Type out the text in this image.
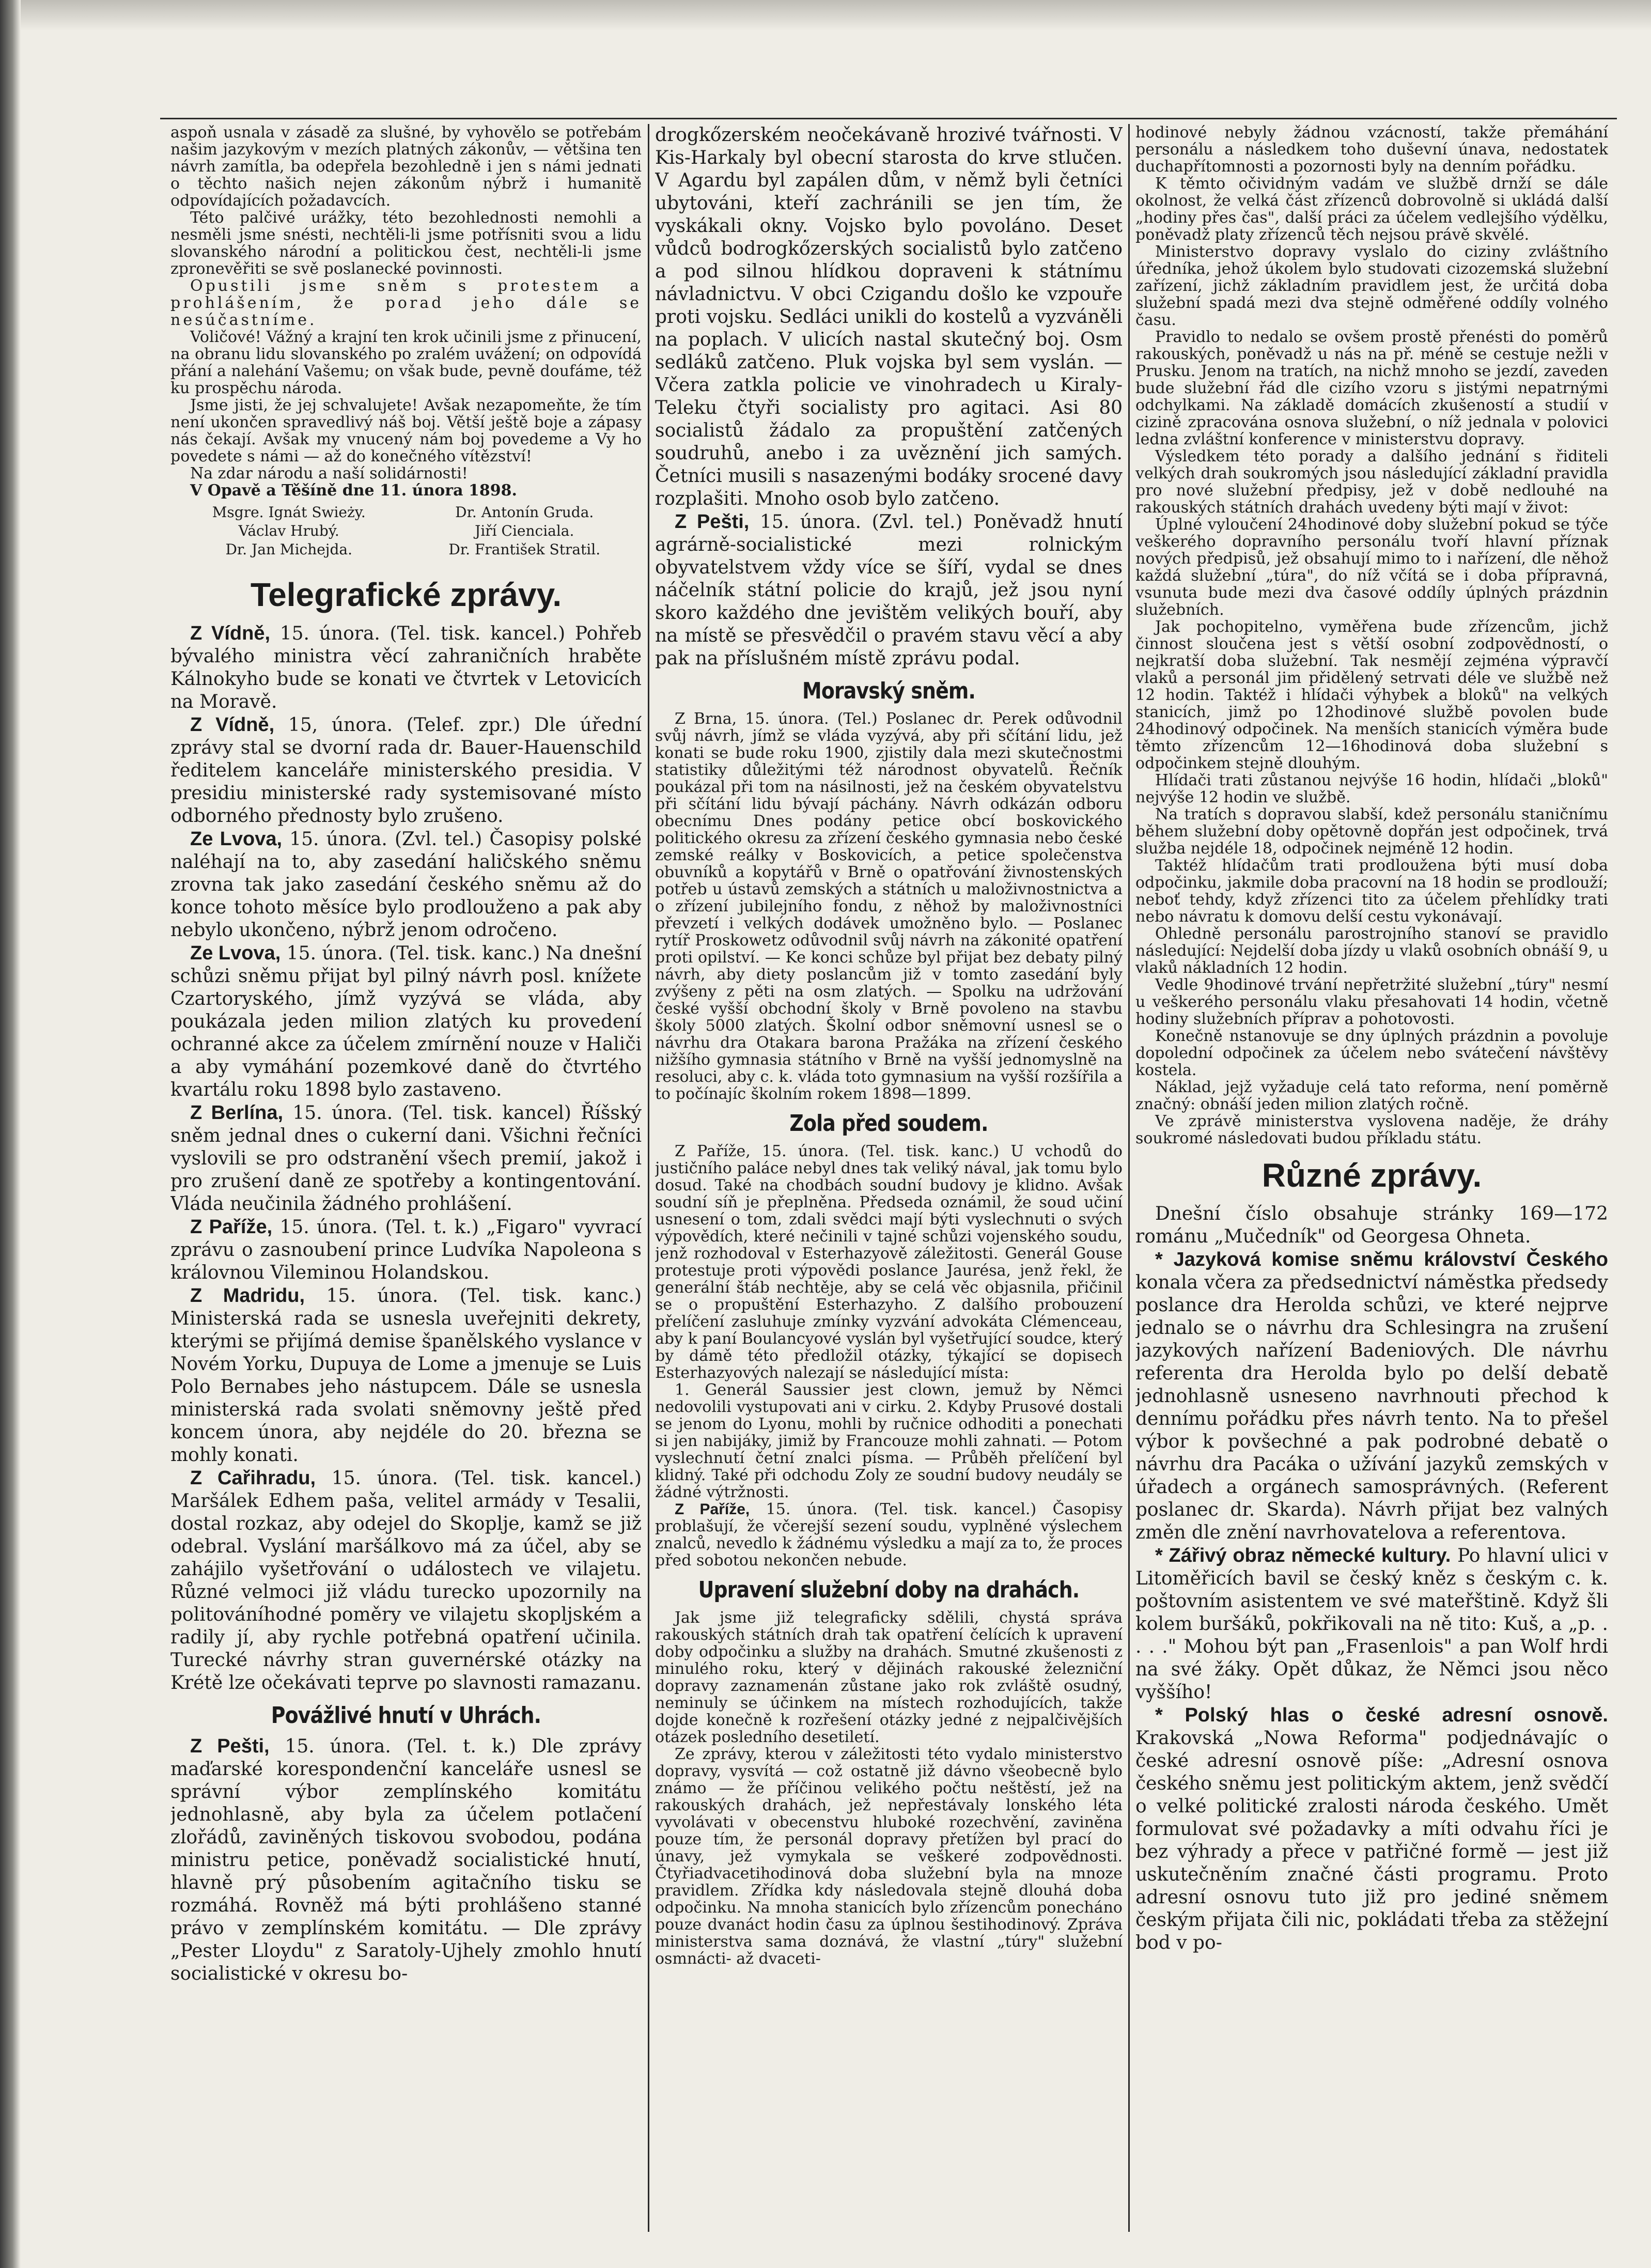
aspoň usnala v zásadě za slušné, by vyhovělo se potřebám našim jazykovým v mezích platných zákonův, — většina ten návrh zamítla, ba odepřela bezohledně i jen s námi jednati o těchto našich nejen zákonům nýbrž i humanitě odpovídajících požadavcích.

Této palčivé urážky, této bezohlednosti nemohli a nesměli jsme snésti, nechtěli-li jsme potřísniti svou a lidu slovanského národní a politickou čest, nechtěli-li jsme zpronevěřiti se svě poslanecké povinnosti.

Opustili jsme sněm s protestem a prohlášením, že porad jeho dále se nesúčastníme.

Voličové! Vážný a krajní ten krok učinili jsme z přinucení, na obranu lidu slovanského po zralém uvážení; on odpovídá přání a nalehání Vašemu; on však bude, pevně doufáme, též ku prospěchu národa.

Jsme jisti, že jej schvalujete! Avšak nezapomeňte, že tím není ukončen spravedlivý náš boj. Větší ještě boje a zápasy nás čekají. Avšak my vnucený nám boj povedeme a Vy ho povedete s námi — až do konečného vítězství!

Na zdar národu a naší solidárnosti!

V Opavě a Těšíně dne 11. února 1898.

Msgre. Ignát Swieży.	Dr. Antonín Gruda.
Václav Hrubý.	Jiří Cienciala.
Dr. Jan Michejda.	Dr. František Stratil.
Telegrafické zprávy.

Z Vídně, 15. února. (Tel. tisk. kancel.) Pohřeb bývalého ministra věcí zahraničních hraběte Kálnokyho bude se konati ve čtvrtek v Letovicích na Moravě.

Z Vídně, 15, února. (Telef. zpr.) Dle úřední zprávy stal se dvorní rada dr. Bauer-Hauenschild ředitelem kanceláře ministerského presidia. V presidiu ministerské rady systemisované místo odborného přednosty bylo zrušeno.

Ze Lvova, 15. února. (Zvl. tel.) Časopisy polské naléhají na to, aby zasedání haličského sněmu zrovna tak jako zasedání českého sněmu až do konce tohoto měsíce bylo prodlouženo a pak aby nebylo ukončeno, nýbrž jenom odročeno.

Ze Lvova, 15. února. (Tel. tisk. kanc.) Na dnešní schůzi sněmu přijat byl pilný návrh posl. knížete Czartoryského, jímž vyzývá se vláda, aby poukázala jeden milion zlatých ku provedení ochranné akce za účelem zmírnění nouze v Haliči a aby vymáhání pozemkové daně do čtvrtého kvartálu roku 1898 bylo zastaveno.

Z Berlína, 15. února. (Tel. tisk. kancel) Říšský sněm jednal dnes o cukerní dani. Všichni řečníci vyslovili se pro odstranění všech premií, jakož i pro zrušení daně ze spotřeby a kontingentování. Vláda neučinila žádného prohlášení.

Z Paříže, 15. února. (Tel. t. k.) „Figaro" vyvrací zprávu o zasnoubení prince Ludvíka Napoleona s královnou Vileminou Holandskou.

Z Madridu, 15. února. (Tel. tisk. kanc.) Ministerská rada se usnesla uveřejniti dekrety, kterými se přijímá demise španělského vyslance v Novém Yorku, Dupuya de Lome a jmenuje se Luis Polo Bernabes jeho nástupcem. Dále se usnesla ministerská rada svolati sněmovny ještě před koncem února, aby nejdéle do 20. března se mohly konati.

Z Cařihradu, 15. února. (Tel. tisk. kancel.) Maršálek Edhem paša, velitel armády v Tesalii, dostal rozkaz, aby odejel do Skoplje, kamž se již odebral. Vyslání maršálkovo má za účel, aby se zahájilo vyšetřování o událostech ve vilajetu. Různé velmoci již vládu turecko upozornily na politováníhodné poměry ve vilajetu skopljském a radily jí, aby rychle potřebná opatření učinila. Turecké návrhy stran guvernérské otázky na Krétě lze očekávati teprve po slavnosti ramazanu.

Povážlivé hnutí v Uhrách.

Z Pešti, 15. února. (Tel. t. k.) Dle zprávy maďarské korespondenční kanceláře usnesl se správní výbor zemplínského komitátu jednohlasně, aby byla za účelem potlačení zlořádů, zaviněných tiskovou svobodou, podána ministru petice, poněvadž socialistické hnutí, hlavně prý působením agitačního tisku se rozmáhá. Rovněž má býti prohlášeno stanné právo v zemplínském komitátu. — Dle zprávy „Pester Lloydu" z Saratoly-Ujhely zmohlo hnutí socialistické v okresu bo-

drogkőzerském neočekávaně hrozivé tvářnosti. V Kis-Harkaly byl obecní starosta do krve stlučen. V Agardu byl zapálen dům, v němž byli četníci ubytováni, kteří zachránili se jen tím, že vyskákali okny. Vojsko bylo povoláno. Deset vůdců bodrogkőzerských socialistů bylo zatčeno a pod silnou hlídkou dopraveni k státnímu návladnictvu. V obci Czigandu došlo ke vzpouře proti vojsku. Sedláci unikli do kostelů a vyzváněli na poplach. V ulicích nastal skutečný boj. Osm sedláků zatčeno. Pluk vojska byl sem vyslán. — Včera zatkla policie ve vinohradech u Kiraly-Teleku čtyři socialisty pro agitaci. Asi 80 socialistů žádalo za propuštění zatčených soudruhů, anebo i za uvěznění jich samých. Četníci musili s nasazenými bodáky srocené davy rozplašiti. Mnoho osob bylo zatčeno.

Z Pešti, 15. února. (Zvl. tel.) Poněvadž hnutí agrárně-socialistické mezi rolnickým obyvatelstvem vždy více se šíří, vydal se dnes náčelník státní policie do krajů, jež jsou nyní skoro každého dne jevištěm velikých bouří, aby na místě se přesvědčil o pravém stavu věcí a aby pak na příslušném místě zprávu podal.

Moravský sněm.

Z Brna, 15. února. (Tel.) Poslanec dr. Perek odůvodnil svůj návrh, jímž se vláda vyzývá, aby při sčítání lidu, jež konati se bude roku 1900, zjistily dala mezi skutečnostmi statistiky důležitými též národnost obyvatelů. Řečník poukázal při tom na násilnosti, jež na českém obyvatelstvu při sčítání lidu bývají páchány. Návrh odkázán odboru obecnímu Dnes podány petice obcí boskovického politického okresu za zřízení českého gymnasia nebo české zemské reálky v Boskovicích, a petice společenstva obuvníků a kopytářů v Brně o opatřování živnostenských potřeb u ústavů zemských a státních u maloživnostnictva a o zřízení jubilejního fondu, z něhož by maloživnostníci převzetí i velkých dodávek umožněno bylo. — Poslanec rytíř Proskowetz odůvodnil svůj návrh na zákonité opatření proti opilství. — Ke konci schůze byl přijat bez debaty pilný návrh, aby diety poslancům již v tomto zasedání byly zvýšeny z pěti na osm zlatých. — Spolku na udržování české vyšší obchodní školy v Brně povoleno na stavbu školy 5000 zlatých. Školní odbor sněmovní usnesl se o návrhu dra Otakara barona Pražáka na zřízení českého nižšího gymnasia státního v Brně na vyšší jednomyslně na resoluci, aby c. k. vláda toto gymnasium na vyšší rozšířila a to počínajíc školním rokem 1898—1899.

Zola před soudem.

Z Paříže, 15. února. (Tel. tisk. kanc.) U vchodů do justičního paláce nebyl dnes tak veliký nával, jak tomu bylo dosud. Také na chodbách soudní budovy je klidno. Avšak soudní síň je přeplněna. Předseda oznámil, že soud učiní usnesení o tom, zdali svědci mají býti vyslechnuti o svých výpovědích, které nečinili v tajné schůzi vojenského soudu, jenž rozhodoval v Esterhazyově záležitosti. Generál Gouse protestuje proti výpovědi poslance Jaurésa, jenž řekl, že generální štáb nechtěje, aby se celá věc objasnila, přičinil se o propuštění Esterhazyho. Z dalšího probouzení přelíčení zasluhuje zmínky vyzvání advokáta Clémenceau, aby k paní Boulancyové vyslán byl vyšetřující soudce, který by dámě této předložil otázky, týkající se dopisech Esterhazyových nalezají se následující místa:

1. Generál Saussier jest clown, jemuž by Němci nedovolili vystupovati ani v cirku. 2. Kdyby Prusové dostali se jenom do Lyonu, mohli by ručnice odhoditi a ponechati si jen nabijáky, jimiž by Francouze mohli zahnati. — Potom vyslechnutí četní znalci písma. — Průběh přelíčení byl klidný. Také při odchodu Zoly ze soudní budovy neudály se žádné výtržnosti.

Z Paříže, 15. února. (Tel. tisk. kancel.) Časopisy problašují, že včerejší sezení soudu, vyplněné výslechem znalců, nevedlo k žádnému výsledku a mají za to, že proces před sobotou nekončen nebude.

Upravení služební doby na drahách.

Jak jsme již telegraficky sdělili, chystá správa rakouských státních drah tak opatření čelících k upravení doby odpočinku a služby na drahách. Smutné zkušenosti z minulého roku, který v dějinách rakouské železniční dopravy zaznamenán zůstane jako rok zvláště osudný, neminuly se účinkem na místech rozhodujících, takže dojde konečně k rozřešení otázky jedné z nejpalčivějších otázek posledního desetiletí.

Ze zprávy, kterou v záležitosti této vydalo ministerstvo dopravy, vysvítá — což ostatně již dávno všeobecně bylo známo — že příčinou velikého počtu neštěstí, jež na rakouských drahách, jež nepřestávaly lonského léta vyvolávati v obecenstvu hluboké rozechvění, zaviněna pouze tím, že personál dopravy přetížen byl prací do únavy, jež vymykala se veškeré zodpovědnosti. Čtyřiadvacetihodinová doba služební byla na mnoze pravidlem. Zřídka kdy následovala stejně dlouhá doba odpočinku. Na mnoha stanicích bylo zřízencům ponecháno pouze dvanáct hodin času za úplnou šestihodinový. Zpráva ministerstva sama doznává, že vlastní „túry" služební osmnácti- až dvaceti-

hodinové nebyly žádnou vzácností, takže přemáhání personálu a následkem toho duševní únava, nedostatek duchapřítomnosti a pozornosti byly na denním pořádku.

K těmto očividným vadám ve službě drnží se dále okolnost, že velká část zřízenců dobrovolně si ukládá další „hodiny přes čas", další práci za účelem vedlejšího výdělku, poněvadž platy zřízenců těch nejsou právě skvělé.

Ministerstvo dopravy vyslalo do ciziny zvláštního úředníka, jehož úkolem bylo studovati cizozemská služební zařízení, jichž základním pravidlem jest, že určitá doba služební spadá mezi dva stejně odměřené oddíly volného času.

Pravidlo to nedalo se ovšem prostě přenésti do poměrů rakouských, poněvadž u nás na př. méně se cestuje nežli v Prusku. Jenom na tratích, na nichž mnoho se jezdí, zaveden bude služební řád dle cizího vzoru s jistými nepatrnými odchylkami. Na základě domácích zkušeností a studií v cizině zpracována osnova služební, o níž jednala v polovici ledna zvláštní konference v ministerstvu dopravy.

Výsledkem této porady a dalšího jednání s řiditeli velkých drah soukromých jsou následující základní pravidla pro nové služební předpisy, jež v době nedlouhé na rakouských státních drahách uvedeny býti mají v život:

Úplné vyloučení 24hodinové doby služební pokud se týče veškerého dopravního personálu tvoří hlavní příznak nových předpisů, jež obsahují mimo to i nařízení, dle něhož každá služební „túra", do níž včítá se i doba přípravná, vsunuta bude mezi dva časové oddíly úplných prázdnin služebních.

Jak pochopitelno, vyměřena bude zřízencům, jichž činnost sloučena jest s větší osobní zodpovědností, o nejkratší doba služební. Tak nesmějí zejména výpravčí vlaků a personál jim přidělený setrvati déle ve službě než 12 hodin. Taktéž i hlídači výhybek a bloků" na velkých stanicích, jimž po 12hodinové službě povolen bude 24hodinový odpočinek. Na menších stanicích výměra bude těmto zřízencům 12—16hodinová doba služební s odpočinkem stejně dlouhým.

Hlídači trati zůstanou nejvýše 16 hodin, hlídači „bloků" nejvýše 12 hodin ve službě.

Na tratích s dopravou slabší, kdež personálu staničnímu během služební doby opětovně dopřán jest odpočinek, trvá služba nejdéle 18, odpočinek nejméně 12 hodin.

Taktéž hlídačům trati prodloužena býti musí doba odpočinku, jakmile doba pracovní na 18 hodin se prodlouží; neboť tehdy, když zřízenci tito za účelem přehlídky trati nebo návratu k domovu delší cestu vykonávají.

Ohledně personálu parostrojního stanoví se pravidlo následující: Nejdelší doba jízdy u vlaků osobních obnáší 9, u vlaků nákladních 12 hodin.

Vedle 9hodinové trvání nepřetržité služební „túry" nesmí u veškerého personálu vlaku přesahovati 14 hodin, včetně hodiny služebních příprav a pohotovosti.

Konečně nstanovuje se dny úplných prázdnin a povoluje dopolední odpočinek za účelem nebo svátečení návštěvy kostela.

Náklad, jejž vyžaduje celá tato reforma, není poměrně značný: obnáší jeden milion zlatých ročně.

Ve zprávě ministerstva vyslovena naděje, že dráhy soukromé následovati budou příkladu státu.

Různé zprávy.

Dnešní číslo obsahuje stránky 169—172 románu „Mučedník" od Georgesa Ohneta.

* Jazyková komise sněmu království Českého konala včera za předsednictví náměstka předsedy poslance dra Herolda schůzi, ve které nejprve jednalo se o návrhu dra Schlesingra na zrušení jazykových nařízení Badeniových. Dle návrhu referenta dra Herolda bylo po delší debatě jednohlasně usneseno navrhnouti přechod k dennímu pořádku přes návrh tento. Na to přešel výbor k povšechné a pak podrobné debatě o návrhu dra Pacáka o užívání jazyků zemských v úřadech a orgánech samosprávných. (Referent poslanec dr. Skarda). Návrh přijat bez valných změn dle znění navrhovatelova a referentova.

* Zářivý obraz německé kultury. Po hlavní ulici v Litoměřicích bavil se český kněz s českým c. k. poštovním asistentem ve své mateřštině. Když šli kolem buršáků, pokřikovali na ně tito: Kuš, a „p. . . . ." Mohou být pan „Frasenlois" a pan Wolf hrdi na své žáky. Opět důkaz, že Němci jsou něco vyššího!

* Polský hlas o české adresní osnově. Krakovská „Nowa Reforma" podjednávajíc o české adresní osnově píše: „Adresní osnova českého sněmu jest politickým aktem, jenž svědčí o velké politické zralosti národa českého. Umět formulovat své požadavky a míti odvahu říci je bez výhrady a přece v patřičné formě — jest již uskutečněním značné části programu. Proto adresní osnovu tuto již pro jediné sněmem českým přijata čili nic, pokládati třeba za stěžejní bod v po-
